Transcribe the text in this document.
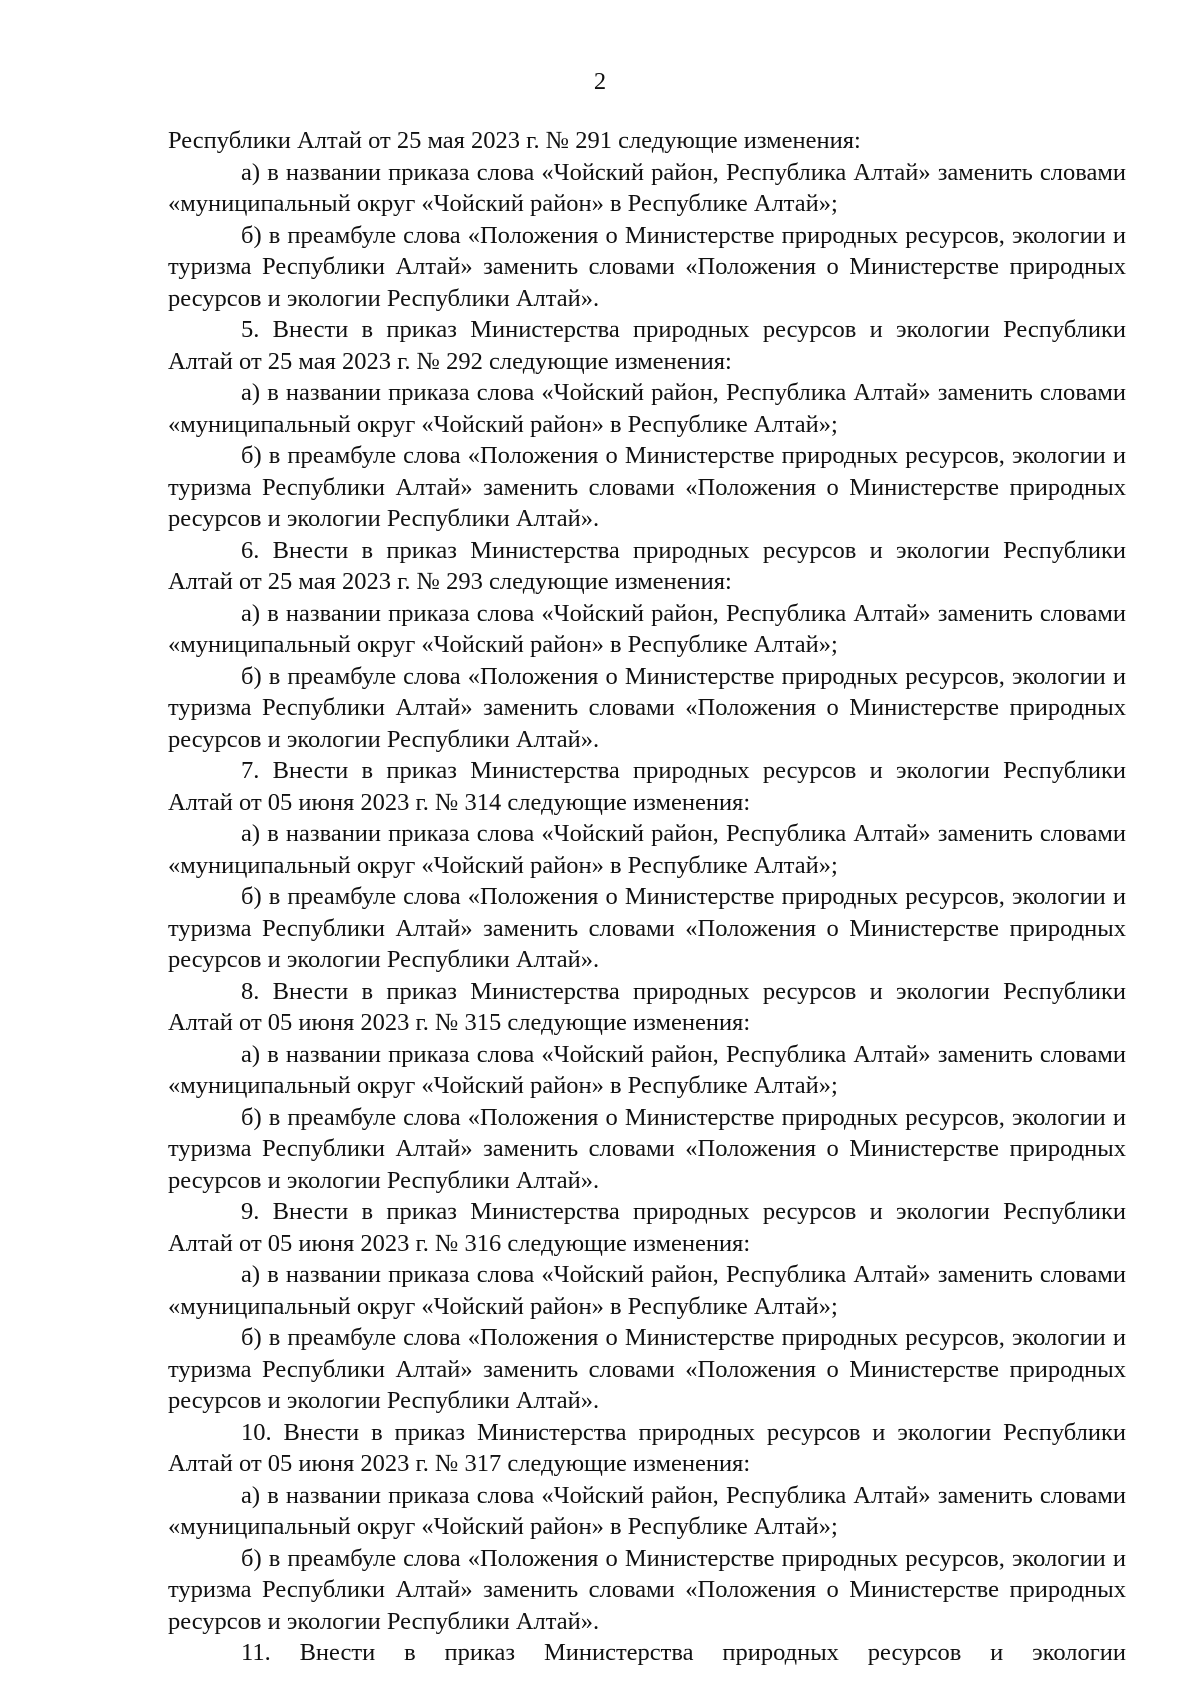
2

Республики Алтай от 25 мая 2023 г. № 291 следующие изменения:

а) в названии приказа слова «Чойский район, Республика Алтай» заменить словами «муниципальный округ «Чойский район» в Республике Алтай»;

б) в преамбуле слова «Положения о Министерстве природных ресурсов, экологии и туризма Республики Алтай» заменить словами «Положения о Министерстве природных ресурсов и экологии Республики Алтай».

5. Внести в приказ Министерства природных ресурсов и экологии Республики Алтай от 25 мая 2023 г. № 292 следующие изменения:

а) в названии приказа слова «Чойский район, Республика Алтай» заменить словами «муниципальный округ «Чойский район» в Республике Алтай»;

б) в преамбуле слова «Положения о Министерстве природных ресурсов, экологии и туризма Республики Алтай» заменить словами «Положения о Министерстве природных ресурсов и экологии Республики Алтай».

6. Внести в приказ Министерства природных ресурсов и экологии Республики Алтай от 25 мая 2023 г. № 293 следующие изменения:

а) в названии приказа слова «Чойский район, Республика Алтай» заменить словами «муниципальный округ «Чойский район» в Республике Алтай»;

б) в преамбуле слова «Положения о Министерстве природных ресурсов, экологии и туризма Республики Алтай» заменить словами «Положения о Министерстве природных ресурсов и экологии Республики Алтай».

7. Внести в приказ Министерства природных ресурсов и экологии Республики Алтай от 05 июня 2023 г. № 314 следующие изменения:

а) в названии приказа слова «Чойский район, Республика Алтай» заменить словами «муниципальный округ «Чойский район» в Республике Алтай»;

б) в преамбуле слова «Положения о Министерстве природных ресурсов, экологии и туризма Республики Алтай» заменить словами «Положения о Министерстве природных ресурсов и экологии Республики Алтай».

8. Внести в приказ Министерства природных ресурсов и экологии Республики Алтай от 05 июня 2023 г. № 315 следующие изменения:

а) в названии приказа слова «Чойский район, Республика Алтай» заменить словами «муниципальный округ «Чойский район» в Республике Алтай»;

б) в преамбуле слова «Положения о Министерстве природных ресурсов, экологии и туризма Республики Алтай» заменить словами «Положения о Министерстве природных ресурсов и экологии Республики Алтай».

9. Внести в приказ Министерства природных ресурсов и экологии Республики Алтай от 05 июня 2023 г. № 316 следующие изменения:

а) в названии приказа слова «Чойский район, Республика Алтай» заменить словами «муниципальный округ «Чойский район» в Республике Алтай»;

б) в преамбуле слова «Положения о Министерстве природных ресурсов, экологии и туризма Республики Алтай» заменить словами «Положения о Министерстве природных ресурсов и экологии Республики Алтай».

10. Внести в приказ Министерства природных ресурсов и экологии Республики Алтай от 05 июня 2023 г. № 317 следующие изменения:

а) в названии приказа слова «Чойский район, Республика Алтай» заменить словами «муниципальный округ «Чойский район» в Республике Алтай»;

б) в преамбуле слова «Положения о Министерстве природных ресурсов, экологии и туризма Республики Алтай» заменить словами «Положения о Министерстве природных ресурсов и экологии Республики Алтай».

11. Внести в приказ Министерства природных ресурсов и экологии
